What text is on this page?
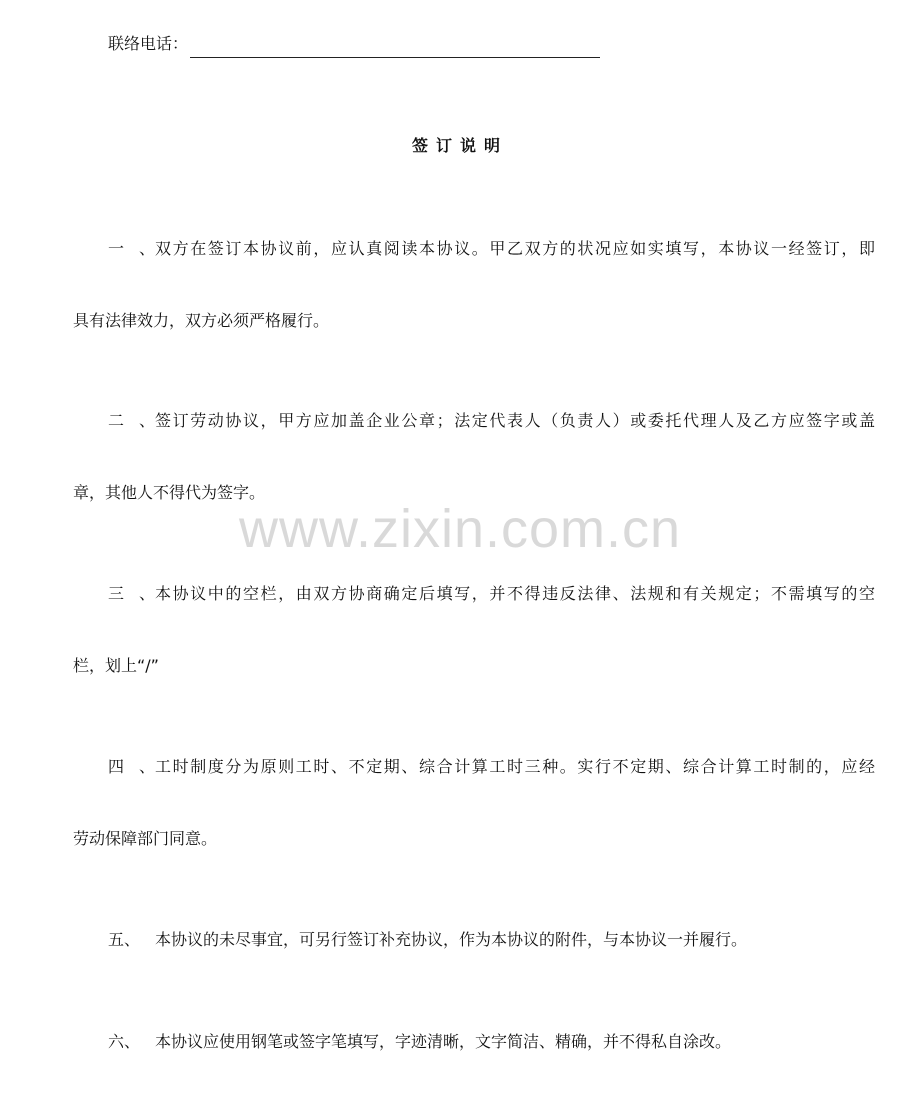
联络电话：
签订说明
一、 双方在签订本协议前，应认真阅读本协议。甲乙双方的状况应如实填写，本协议一经签订，即
具有法律效力，双方必须严格履行。
二、 签订劳动协议，甲方应加盖企业公章；法定代表人（负责人）或委托代理人及乙方应签字或盖
章，其他人不得代为签字。
三、 本协议中的空栏，由双方协商确定后填写，并不得违反法律、法规和有关规定；不需填写的空
栏，划上“/”
四、 工时制度分为原则工时、不定期、综合计算工时三种。实行不定期、综合计算工时制的，应经
劳动保障部门同意。
五、 本协议的未尽事宜，可另行签订补充协议，作为本协议的附件，与本协议一并履行。
六、 本协议应使用钢笔或签字笔填写，字迹清晰，文字简洁、精确，并不得私自涂改。
www.zixin.com.cn
